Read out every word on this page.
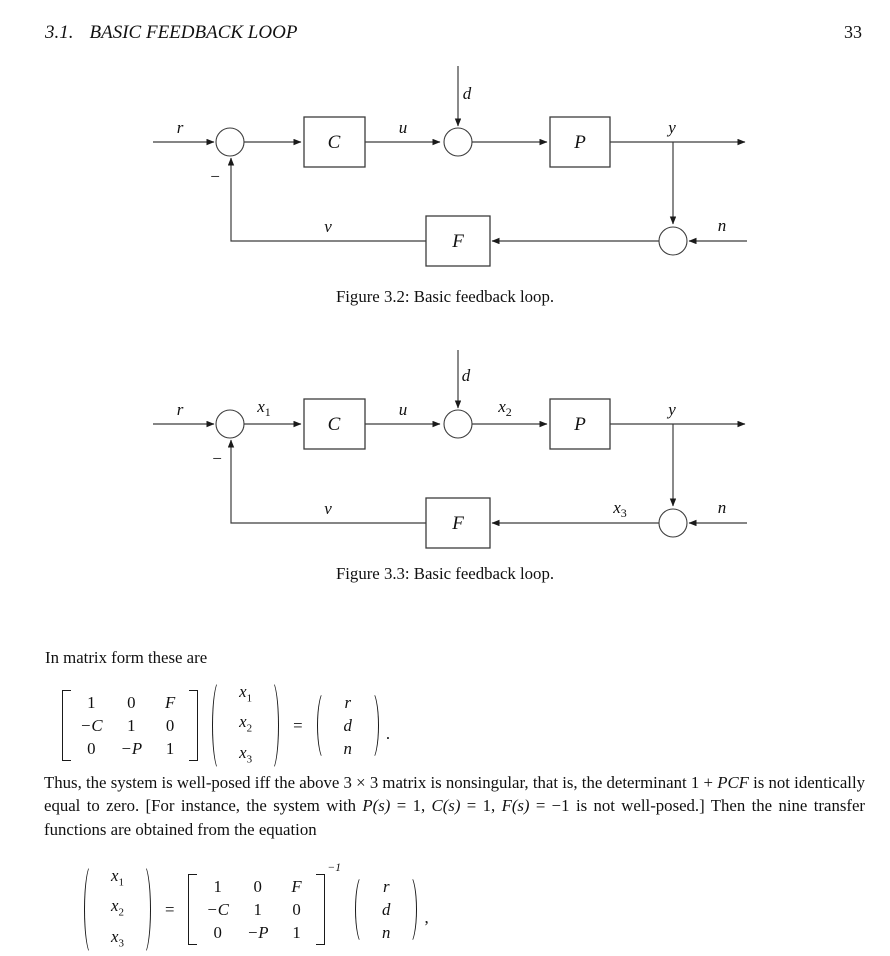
3.1. BASIC FEEDBACK LOOP	33
C	P
F
r	u
d
y
n
v
−
Figure 3.2: Basic feedback loop.
C	P
F
r	$x_1$	u
d
$x_2$	y
$x_3$	n
v
−
Figure 3.3: Basic feedback loop.
In matrix form these are
1	0	F
−C	1	0
0	−P	1
$x_1$
$x_2$
$x_3$
=
r
d
n
.

Thus, the system is well-posed iff the above 3 × 3 matrix is nonsingular, that is, the determinant 1 + PCF is not identically equal to zero. [For instance, the system with P(s) = 1, C(s) = 1, F(s) = −1 is not well-posed.] Then the nine transfer functions are obtained from the equation

$x_1$
$x_2$
$x_3$
=
1	0	F
−C	1	0
0	−P	1
−1
r
d
n
,
